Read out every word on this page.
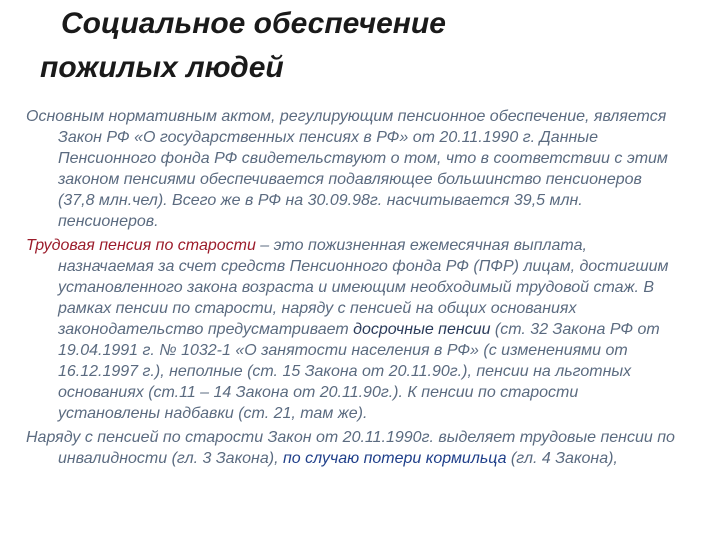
Социальное обеспечение
пожилых людей

Основным нормативным актом, регулирующим пенсионное обеспечение, является Закон РФ «О государственных пенсиях в РФ» от 20.11.1990 г. Данные Пенсионного фонда РФ свидетельствуют о том, что в соответствии с этим законом пенсиями обеспечивается подавляющее большинство пенсионеров (37,8 млн.чел). Всего же в РФ на 30.09.98г. насчитывается 39,5 млн. пенсионеров.

Трудовая пенсия по старости – это пожизненная ежемесячная выплата, назначаемая за счет средств Пенсионного фонда РФ (ПФР) лицам, достигшим установленного закона возраста и имеющим необходимый трудовой стаж. В рамках пенсии по старости, наряду с пенсией на общих основаниях законодательство предусматривает досрочные пенсии (ст. 32 Закона РФ от 19.04.1991 г. № 1032-1 «О занятости населения в РФ» (с изменениями от 16.12.1997 г.), неполные (ст. 15 Закона от 20.11.90г.), пенсии на льготных основаниях (ст.11 – 14 Закона от 20.11.90г.). К пенсии по старости установлены надбавки (ст. 21, там же).

Наряду с пенсией по старости Закон от 20.11.1990г. выделяет трудовые пенсии по инвалидности (гл. 3 Закона), по случаю потери кормильца (гл. 4 Закона),
